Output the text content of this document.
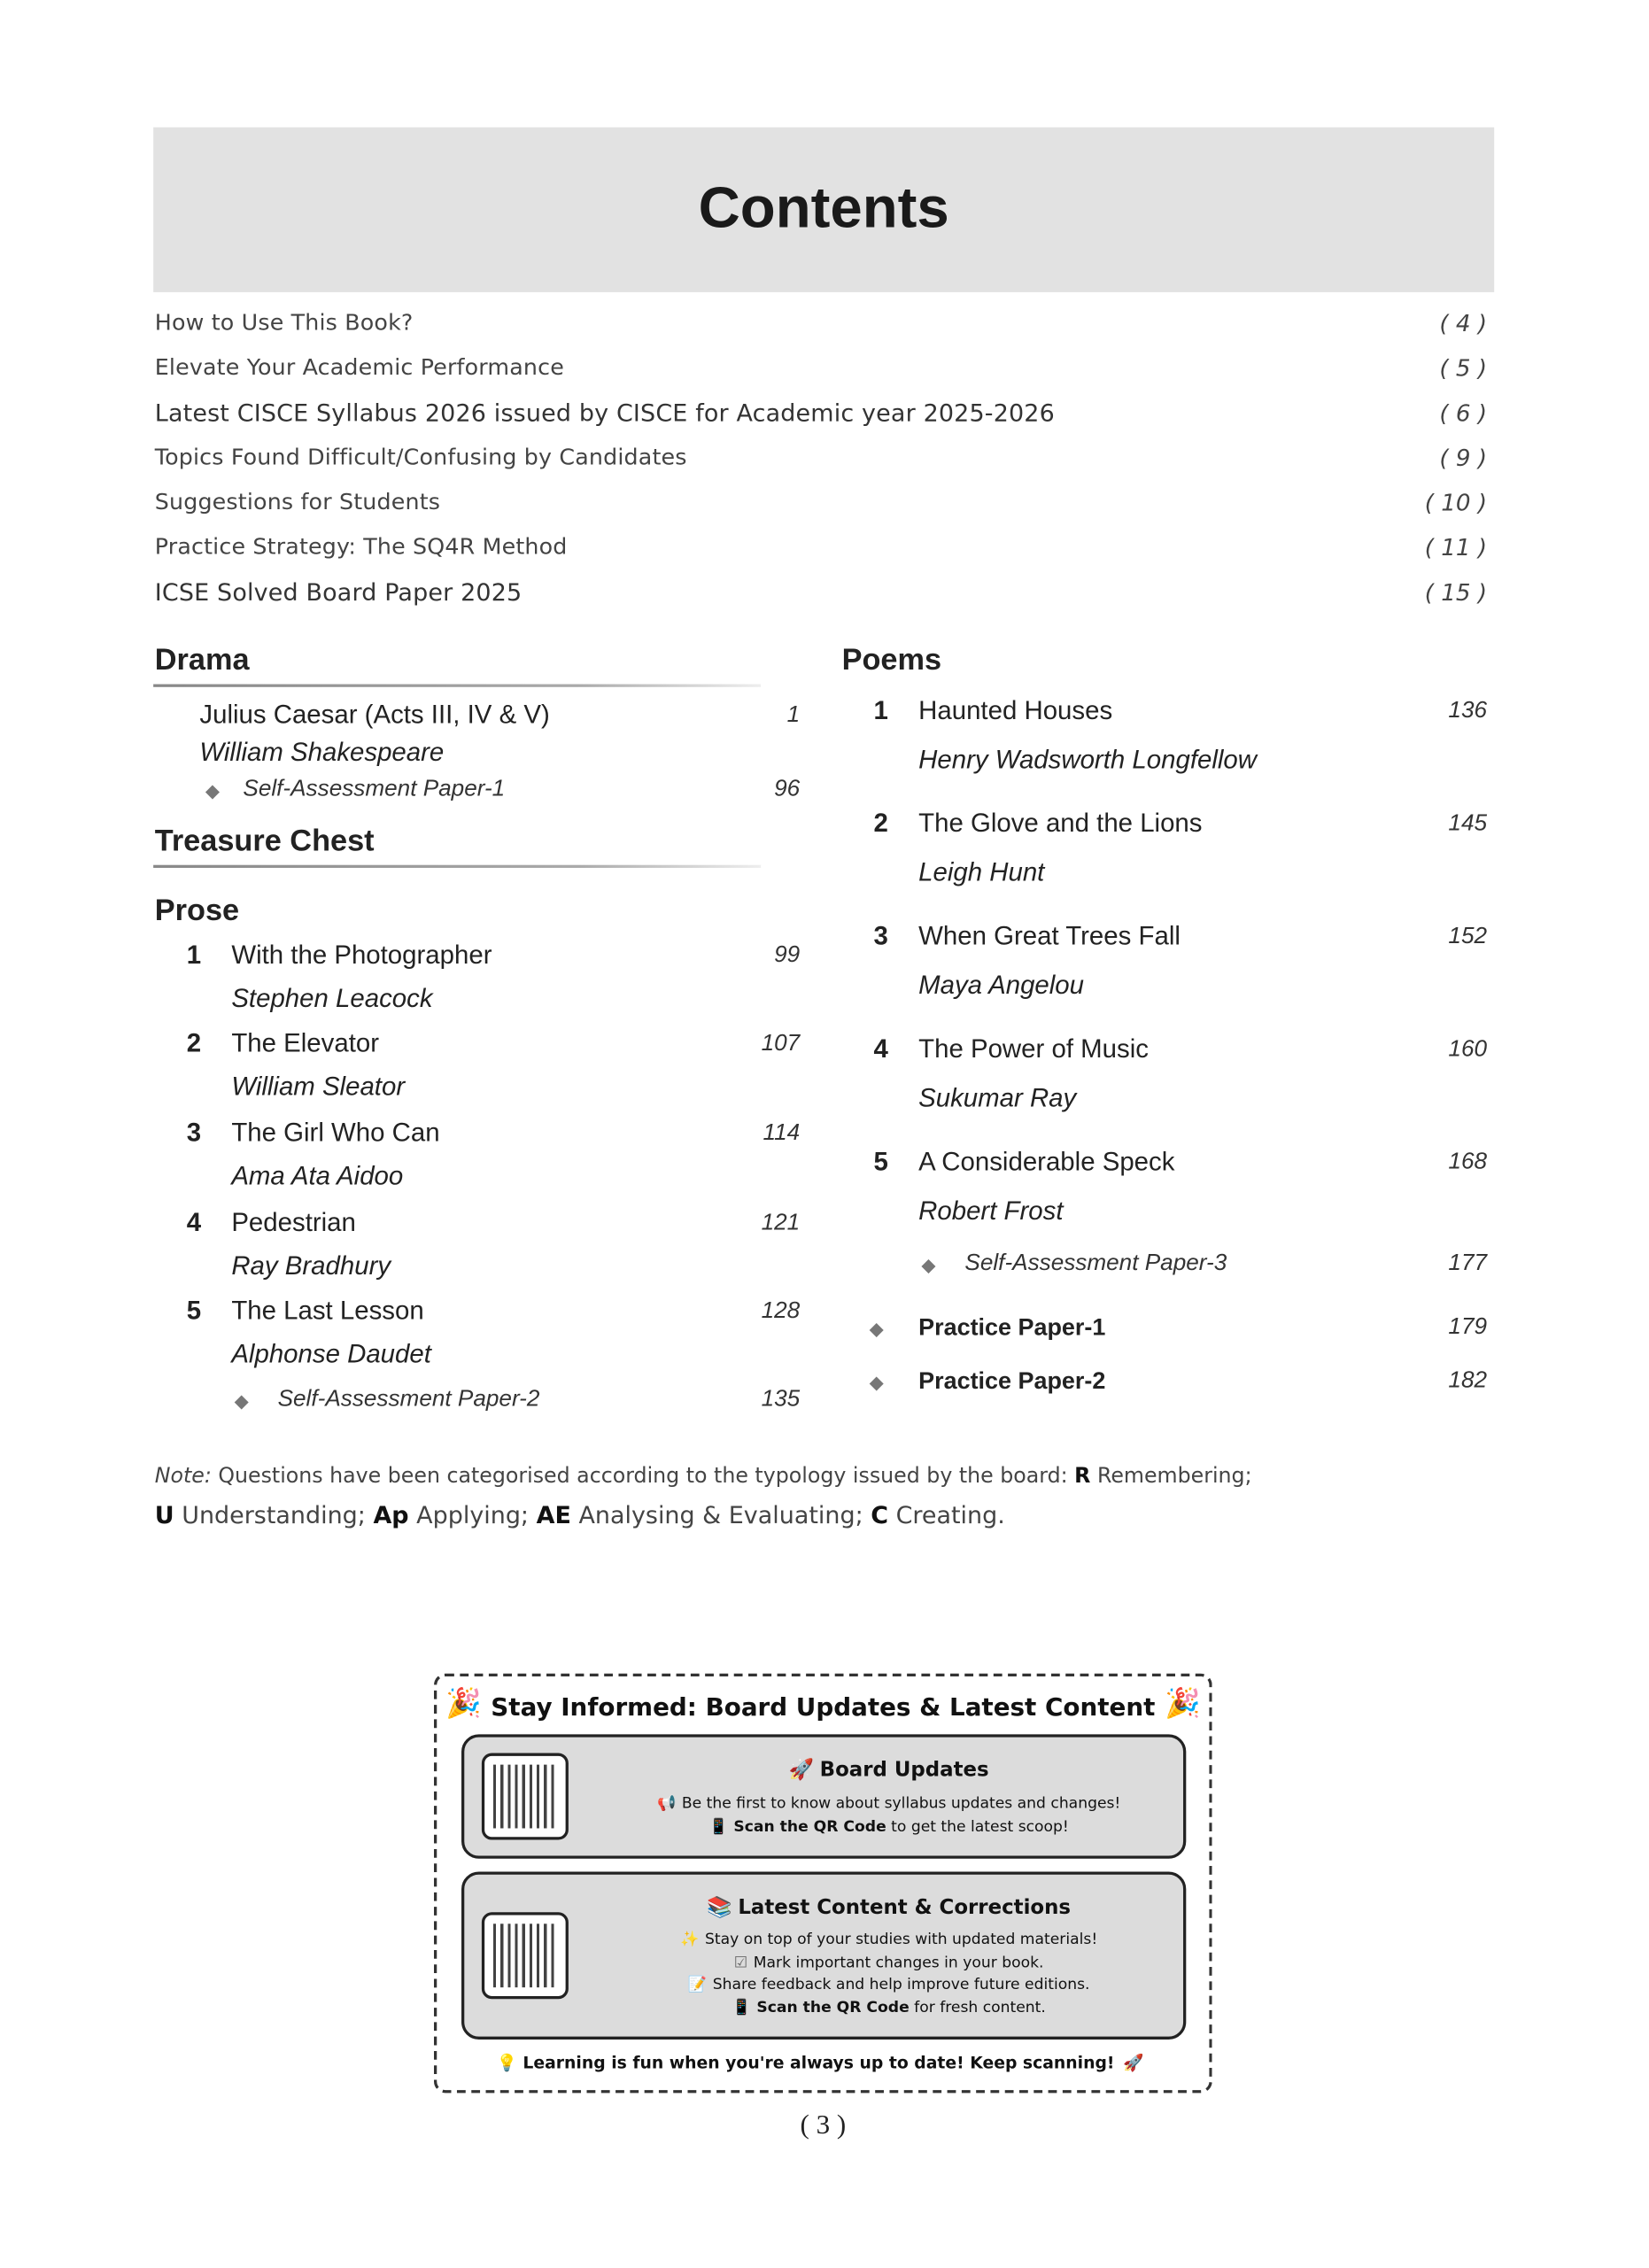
Contents
How to Use This Book?	( 4 )
Elevate Your Academic Performance	( 5 )
Latest CISCE Syllabus 2026 issued by CISCE for Academic year 2025-2026	( 6 )
Topics Found Difficult/Confusing by Candidates	( 9 )
Suggestions for Students	( 10 )
Practice Strategy: The SQ4R Method	( 11 )
ICSE Solved Board Paper 2025	( 15 )
Drama
Julius Caesar (Acts III, IV & V)	1
William Shakespeare
◆ Self-Assessment Paper-1	96
Treasure Chest
Prose
1 With the Photographer	99
Stephen Leacock
2 The Elevator	107
William Sleator
3 The Girl Who Can	114
Ama Ata Aidoo
4 Pedestrian	121
Ray Bradhury
5 The Last Lesson	128
Alphonse Daudet
◆ Self-Assessment Paper-2	135
Poems
1 Haunted Houses	136
Henry Wadsworth Longfellow
2 The Glove and the Lions	145
Leigh Hunt
3 When Great Trees Fall	152
Maya Angelou
4 The Power of Music	160
Sukumar Ray
5 A Considerable Speck	168
Robert Frost
◆ Self-Assessment Paper-3	177
◆ Practice Paper-1	179
◆ Practice Paper-2	182
Note: Questions have been categorised according to the typology issued by the board: R Remembering;
U Understanding; Ap Applying; AE Analysing & Evaluating; C Creating.
🎉	🎉
Stay Informed: Board Updates & Latest Content
🚀 Board Updates
📢 Be the first to know about syllabus updates and changes!
📱 Scan the QR Code to get the latest scoop!
📚 Latest Content & Corrections
✨ Stay on top of your studies with updated materials!
☑ Mark important changes in your book.
📝 Share feedback and help improve future editions.
📱 Scan the QR Code for fresh content.
💡 Learning is fun when you're always up to date! Keep scanning! 🚀
( 3 )
